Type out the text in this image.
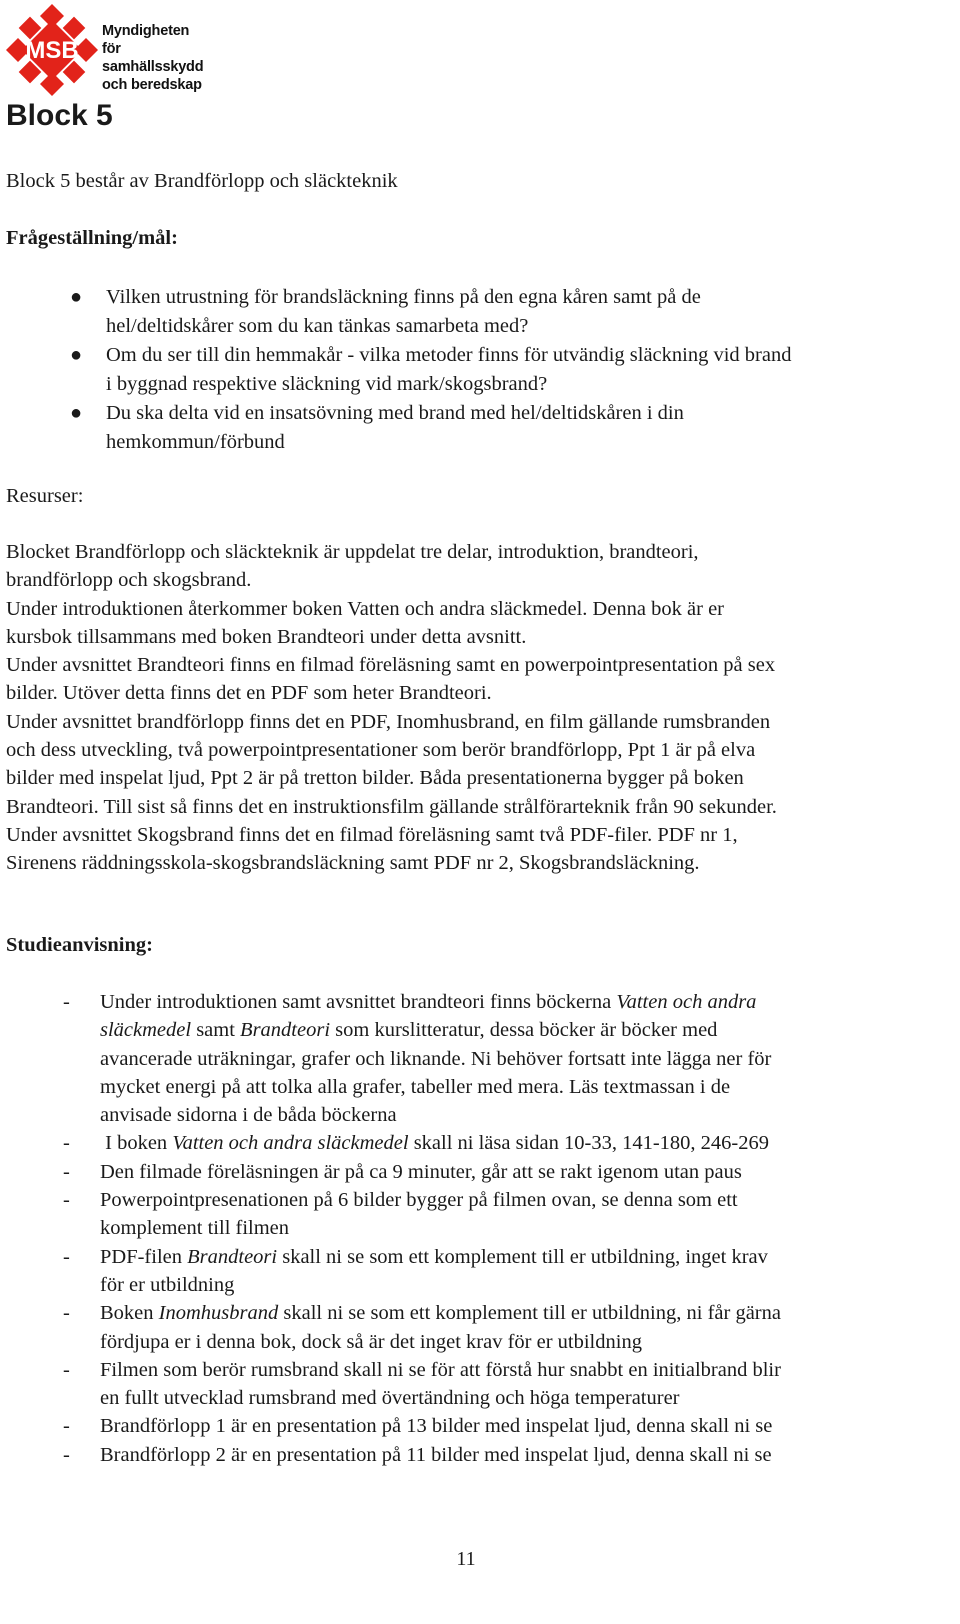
MSB
Myndigheten för
samhällsskydd
och beredskap
Block 5

Block 5 består av Brandförlopp och släckteknik

Frågeställning/mål:

● Vilken utrustning för brandsläckning finns på den egna kåren samt på de
hel/deltidskårer som du kan tänkas samarbeta med?
● Om du ser till din hemmakår - vilka metoder finns för utvändig släckning vid brand
i byggnad respektive släckning vid mark/skogsbrand?
● Du ska delta vid en insatsövning med brand med hel/deltidskåren i din
hemkommun/förbund

Resurser:

Blocket Brandförlopp och släckteknik är uppdelat tre delar, introduktion, brandteori,
brandförlopp och skogsbrand.

Under introduktionen återkommer boken Vatten och andra släckmedel. Denna bok är er
kursbok tillsammans med boken Brandteori under detta avsnitt.

Under avsnittet Brandteori finns en filmad föreläsning samt en powerpointpresentation på sex
bilder. Utöver detta finns det en PDF som heter Brandteori.

Under avsnittet brandförlopp finns det en PDF, Inomhusbrand, en film gällande rumsbranden
och dess utveckling, två powerpointpresentationer som berör brandförlopp, Ppt 1 är på elva
bilder med inspelat ljud, Ppt 2 är på tretton bilder. Båda presentationerna bygger på boken
Brandteori. Till sist så finns det en instruktionsfilm gällande strålförarteknik från 90 sekunder.

Under avsnittet Skogsbrand finns det en filmad föreläsning samt två PDF-filer. PDF nr 1,
Sirenens räddningsskola-skogsbrandsläckning samt PDF nr 2, Skogsbrandsläckning.

Studieanvisning:

- Under introduktionen samt avsnittet brandteori finns böckerna Vatten och andra
släckmedel samt Brandteori som kurslitteratur, dessa böcker är böcker med
avancerade uträkningar, grafer och liknande. Ni behöver fortsatt inte lägga ner för
mycket energi på att tolka alla grafer, tabeller med mera. Läs textmassan i de
anvisade sidorna i de båda böckerna
- I boken Vatten och andra släckmedel skall ni läsa sidan 10-33, 141-180, 246-269
- Den filmade föreläsningen är på ca 9 minuter, går att se rakt igenom utan paus
- Powerpointpresenationen på 6 bilder bygger på filmen ovan, se denna som ett
komplement till filmen
- PDF-filen Brandteori skall ni se som ett komplement till er utbildning, inget krav
för er utbildning
- Boken Inomhusbrand skall ni se som ett komplement till er utbildning, ni får gärna
fördjupa er i denna bok, dock så är det inget krav för er utbildning
- Filmen som berör rumsbrand skall ni se för att förstå hur snabbt en initialbrand blir
en fullt utvecklad rumsbrand med övertändning och höga temperaturer
- Brandförlopp 1 är en presentation på 13 bilder med inspelat ljud, denna skall ni se
- Brandförlopp 2 är en presentation på 11 bilder med inspelat ljud, denna skall ni se
11
